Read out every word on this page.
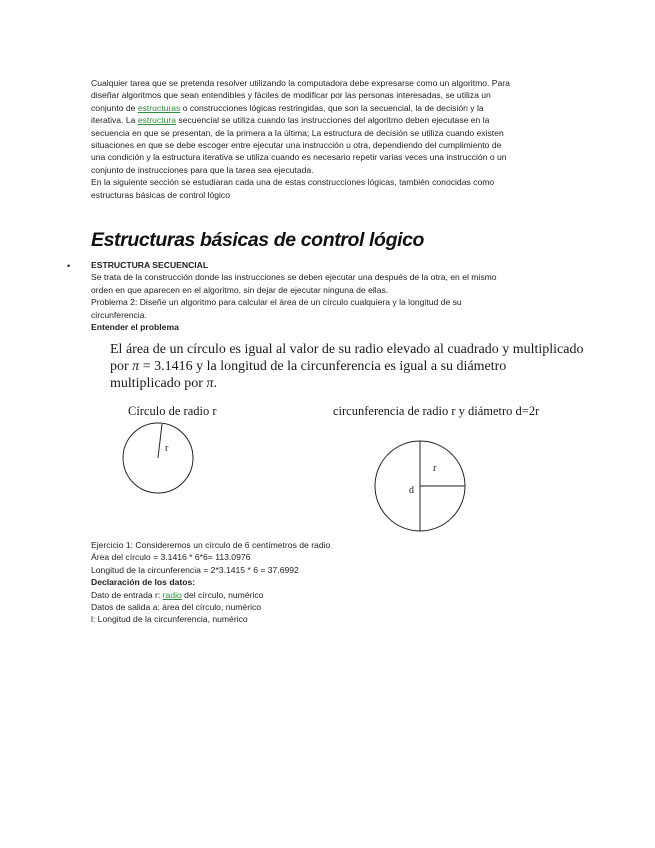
Cualquier tarea que se pretenda resolver utilizando la computadora debe expresarse como un algoritmo. Para
diseñar algoritmos que sean entendibles y fáciles de modificar por las personas interesadas, se utiliza un
conjunto de estructuras o construcciones lógicas restringidas, que son la secuencial, la de decisión y la
iterativa. La estructura secuencial se utiliza cuando las instrucciones del algoritmo deben ejecutase en la
secuencia en que se presentan, de la primera a la última; La estructura de decisión se utiliza cuando existen
situaciones en que se debe escoger entre ejecutar una instrucción u otra, dependiendo del cumplimiento de
una condición y la estructura iterativa se utiliza cuando es necesario repetir varias veces una instrucción o un
conjunto de instrucciones para que la tarea sea ejecutada.
En la siguiente sección se estudiaran cada una de estas construcciones lógicas, también conocidas como
estructuras básicas de control lógico
Estructuras básicas de control lógico
• ESTRUCTURA SECUENCIAL
Se trata de la construcción donde las instrucciones se deben ejecutar una después de la otra, en el mismo
orden en que aparecen en el algoritmo, sin dejar de ejecutar ninguna de ellas.
Problema 2: Diseñe un algoritmo para calcular el área de un círculo cualquiera y la longitud de su
circunferencia.
Entender el problema
El área de un círculo es igual al valor de su radio elevado al cuadrado y multiplicado
por π = 3.1416 y la longitud de la circunferencia es igual a su diámetro
multiplicado por π.
Círculo de radio r	circunferencia de radio r y diámetro d=2r
r
r
d
Ejercicio 1: Consideremos un círculo de 6 centímetros de radio
Área del círculo = 3.1416 * 6*6= 113.0976
Longitud de la circunferencia = 2*3.1415 * 6 = 37.6992
Declaración de los datos:
Dato de entrada r: radio del círculo, numérico
Datos de salida a: área del círculo, numérico
l: Longitud de la circunferencia, numérico
